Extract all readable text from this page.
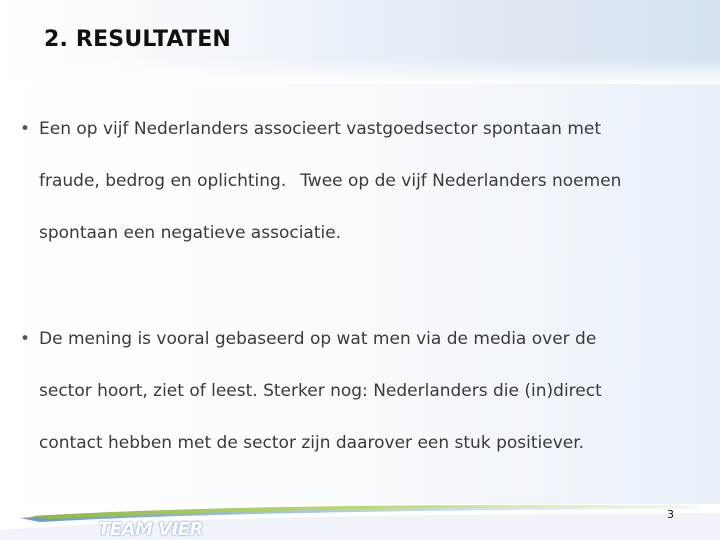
2. RESULTATEN
• Een op vijf Nederlanders associeert vastgoedsector spontaan met
fraude, bedrog en oplichting. Twee op de vijf Nederlanders noemen
spontaan een negatieve associatie.
• De mening is vooral gebaseerd op wat men via de media over de
sector hoort, ziet of leest. Sterker nog: Nederlanders die (in)direct
contact hebben met de sector zijn daarover een stuk positiever.
TEAM VIER
3
